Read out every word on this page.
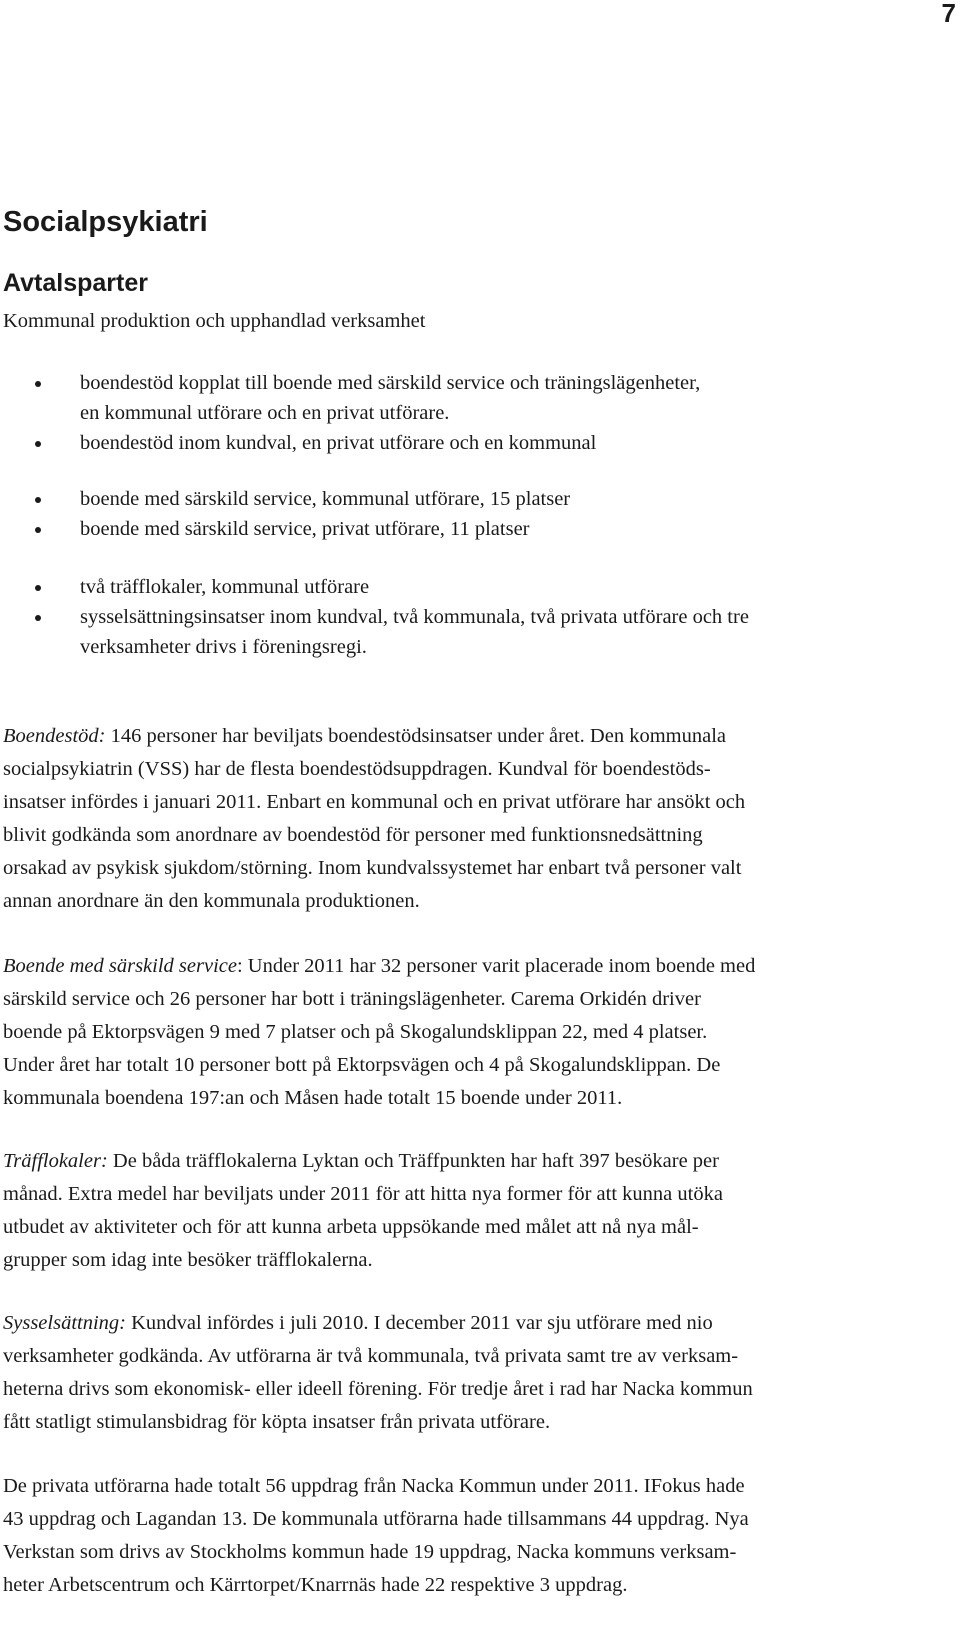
7
Socialpsykiatri
Avtalsparter
Kommunal produktion och upphandlad verksamhet
boendestöd kopplat till boende med särskild service och träningslägenheter,
en kommunal utförare och en privat utförare.
boendestöd inom kundval, en privat utförare och en kommunal
boende med särskild service, kommunal utförare, 15 platser
boende med särskild service, privat utförare, 11 platser
två träfflokaler, kommunal utförare
sysselsättningsinsatser inom kundval, två kommunala, två privata utförare och tre
verksamheter drivs i föreningsregi.
Boendestöd: 146 personer har beviljats boendestödsinsatser under året. Den kommunala
socialpsykiatrin (VSS) har de flesta boendestödsuppdragen. Kundval för boendestöds-
insatser infördes i januari 2011. Enbart en kommunal och en privat utförare har ansökt och
blivit godkända som anordnare av boendestöd för personer med funktionsnedsättning
orsakad av psykisk sjukdom/störning. Inom kundvalssystemet har enbart två personer valt
annan anordnare än den kommunala produktionen.
Boende med särskild service: Under 2011 har 32 personer varit placerade inom boende med
särskild service och 26 personer har bott i träningslägenheter. Carema Orkidén driver
boende på Ektorpsvägen 9 med 7 platser och på Skogalundsklippan 22, med 4 platser.
Under året har totalt 10 personer bott på Ektorpsvägen och 4 på Skogalundsklippan. De
kommunala boendena 197:an och Måsen hade totalt 15 boende under 2011.
Träfflokaler: De båda träfflokalerna Lyktan och Träffpunkten har haft 397 besökare per
månad. Extra medel har beviljats under 2011 för att hitta nya former för att kunna utöka
utbudet av aktiviteter och för att kunna arbeta uppsökande med målet att nå nya mål-
grupper som idag inte besöker träfflokalerna.
Sysselsättning: Kundval infördes i juli 2010. I december 2011 var sju utförare med nio
verksamheter godkända. Av utförarna är två kommunala, två privata samt tre av verksam-
heterna drivs som ekonomisk- eller ideell förening. För tredje året i rad har Nacka kommun
fått statligt stimulansbidrag för köpta insatser från privata utförare.
De privata utförarna hade totalt 56 uppdrag från Nacka Kommun under 2011. IFokus hade
43 uppdrag och Lagandan 13. De kommunala utförarna hade tillsammans 44 uppdrag. Nya
Verkstan som drivs av Stockholms kommun hade 19 uppdrag, Nacka kommuns verksam-
heter Arbetscentrum och Kärrtorpet/Knarrnäs hade 22 respektive 3 uppdrag.
